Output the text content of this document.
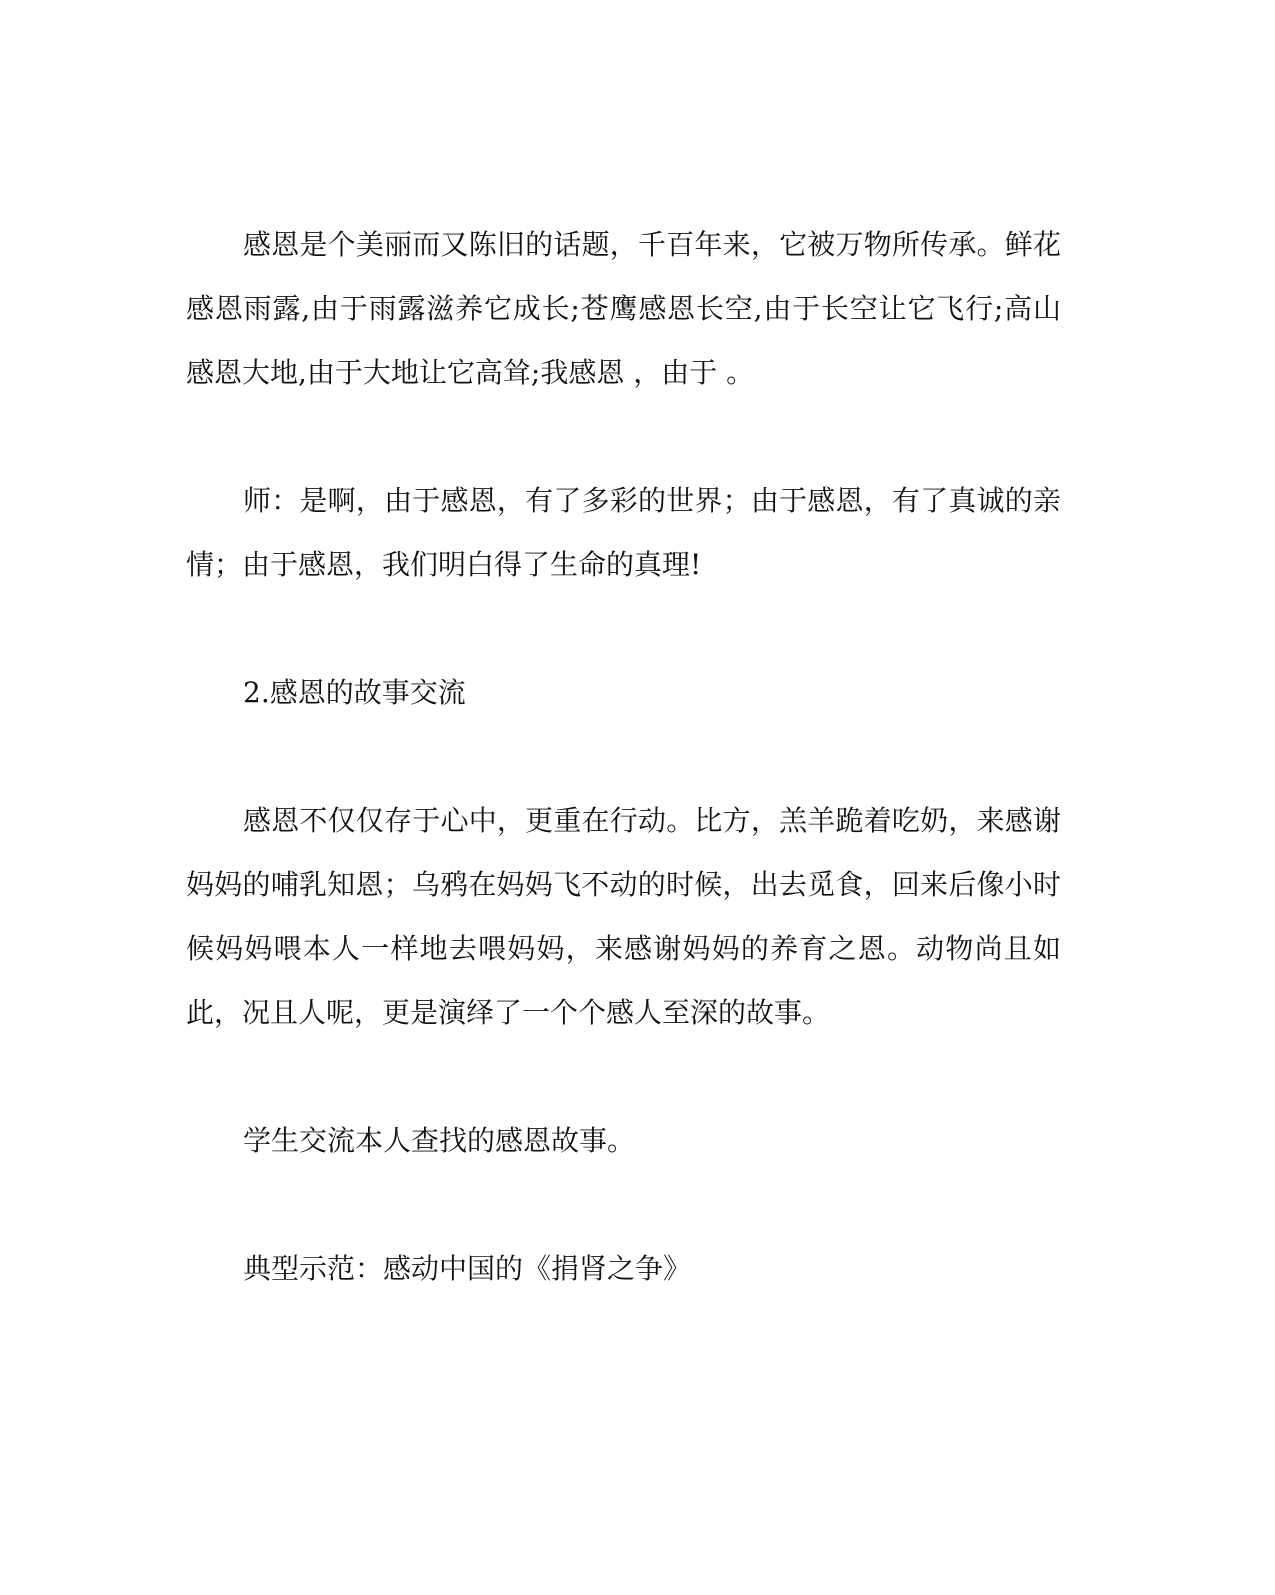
感恩是个美丽而又陈旧的话题，千百年来，它被万物所传承。鲜花感恩雨露,由于雨露滋养它成长;苍鹰感恩长空,由于长空让它飞行;高山感恩大地,由于大地让它高耸;我感恩 ，由于 。

师：是啊，由于感恩，有了多彩的世界；由于感恩，有了真诚的亲情；由于感恩，我们明白得了生命的真理!

2.感恩的故事交流

感恩不仅仅存于心中，更重在行动。比方，羔羊跪着吃奶，来感谢妈妈的哺乳知恩；乌鸦在妈妈飞不动的时候，出去觅食，回来后像小时候妈妈喂本人一样地去喂妈妈，来感谢妈妈的养育之恩。动物尚且如此，况且人呢，更是演绎了一个个感人至深的故事。

学生交流本人查找的感恩故事。

典型示范：感动中国的《捐肾之争》
